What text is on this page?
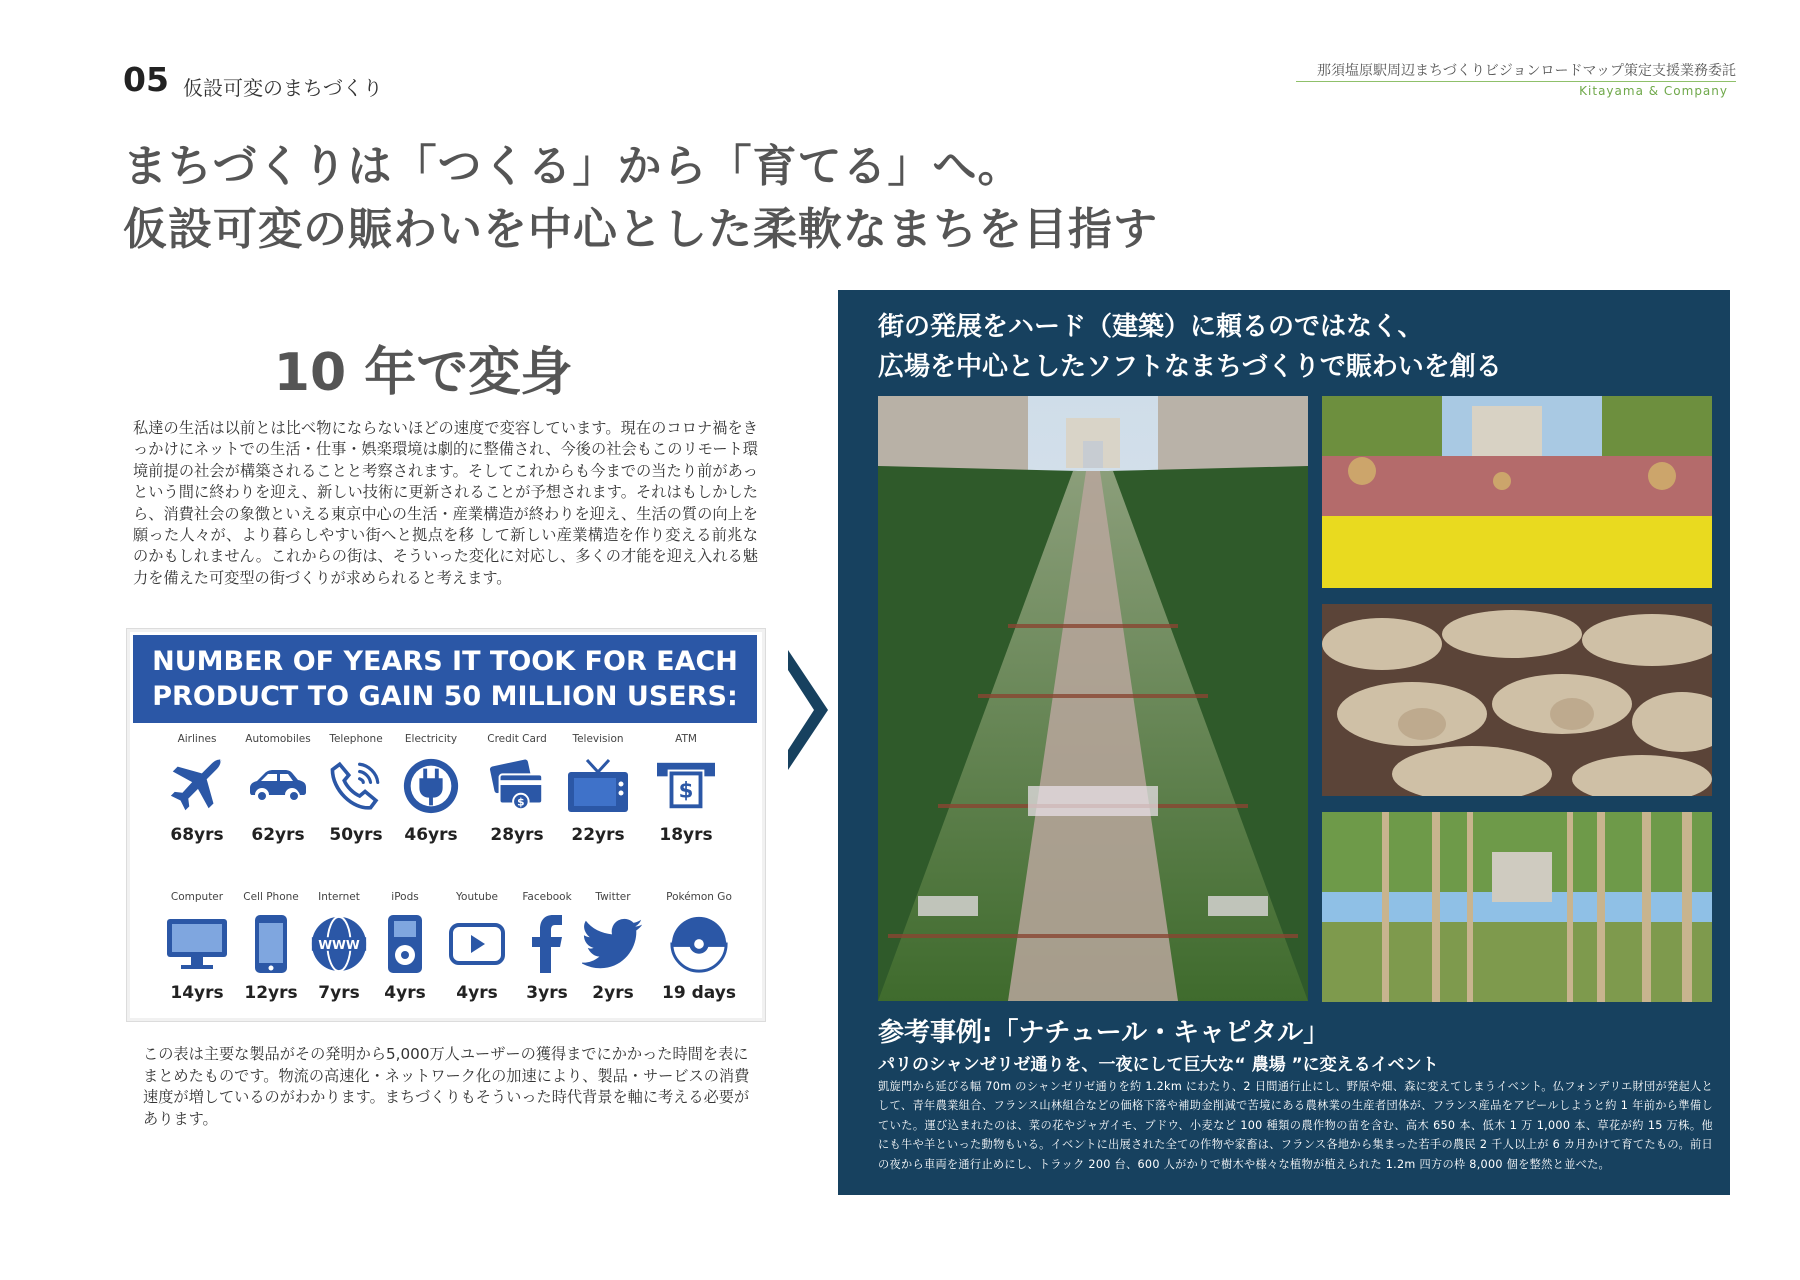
05 仮設可変のまちづくり
那須塩原駅周辺まちづくりビジョンロードマップ策定支援業務委託
Kitayama & Company
まちづくりは「つくる」から「育てる」へ。
仮設可変の賑わいを中心とした柔軟なまちを目指す
10 年で変身
私達の生活は以前とは比べ物にならないほどの速度で変容しています。現在のコロナ禍をきっかけにネットでの生活・仕事・娯楽環境は劇的に整備され、今後の社会もこのリモート環境前提の社会が構築されることと考察されます。そしてこれからも今までの当たり前があっという間に終わりを迎え、新しい技術に更新されることが予想されます。それはもしかしたら、消費社会の象徴といえる東京中心の生活・産業構造が終わりを迎え、生活の質の向上を願った人々が、より暮らしやすい街へと拠点を移 して新しい産業構造を作り変える前兆なのかもしれません。これからの街は、そういった変化に対応し、多くの才能を迎え入れる魅力を備えた可変型の街づくりが求められると考えます。
NUMBER OF YEARS IT TOOK FOR EACH
PRODUCT TO GAIN 50 MILLION USERS:
Airlines
68yrs
Automobiles
62yrs
Telephone
50yrs
Electricity
46yrs
Credit Card
$
28yrs
Television
22yrs
ATM
$
18yrs
Computer
14yrs
Cell Phone
12yrs
Internet
WWW
7yrs
iPods
4yrs
Youtube
4yrs
Facebook
3yrs
Twitter
2yrs
Pokémon Go
19 days
この表は主要な製品がその発明から5,000万人ユーザーの獲得までにかかった時間を表にまとめたものです。物流の高速化・ネットワーク化の加速により、製品・サービスの消費速度が増しているのがわかります。まちづくりもそういった時代背景を軸に考える必要があります。
街の発展をハード（建築）に頼るのではなく、
広場を中心としたソフトなまちづくりで賑わいを創る
参考事例:「ナチュール・キャピタル」
パリのシャンゼリゼ通りを、一夜にして巨大な“ 農場 ”に変えるイベント
凱旋門から延びる幅 70m のシャンゼリゼ通りを約 1.2km にわたり、2 日間通行止にし、野原や畑、森に変えてしまうイベント。仏フォンデリエ財団が発起人として、青年農業組合、フランス山林組合などの価格下落や補助金削減で苦境にある農林業の生産者団体が、フランス産品をアピールしようと約 1 年前から準備していた。運び込まれたのは、菜の花やジャガイモ、ブドウ、小麦など 100 種類の農作物の苗を含む、高木 650 本、低木 1 万 1,000 本、草花が約 15 万株。他にも牛や羊といった動物もいる。イベントに出展された全ての作物や家畜は、フランス各地から集まった若手の農民 2 千人以上が 6 カ月かけて育てたもの。前日の夜から車両を通行止めにし、トラック 200 台、600 人がかりで樹木や様々な植物が植えられた 1.2m 四方の枠 8,000 個を整然と並べた。
